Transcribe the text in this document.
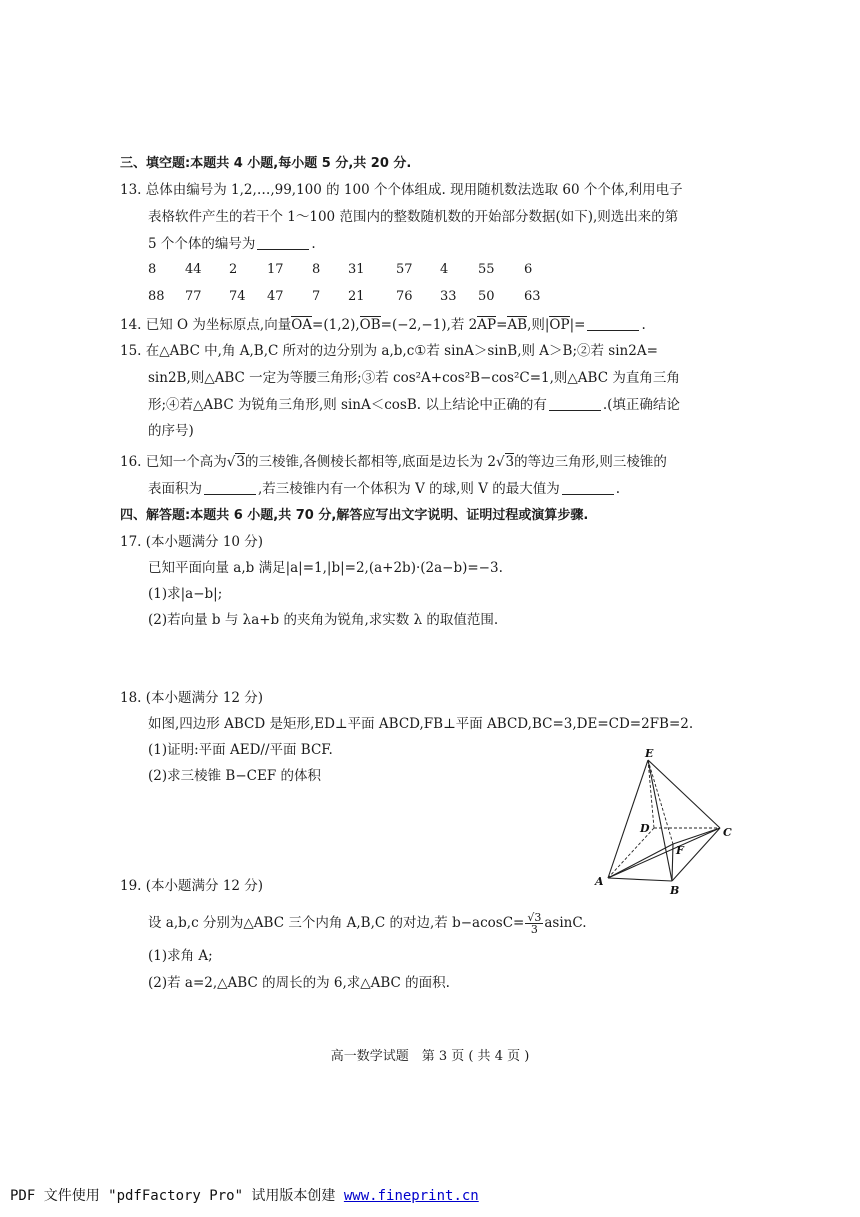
三、填空题:本题共 4 小题,每小题 5 分,共 20 分.
13. 总体由编号为 1,2,…,99,100 的 100 个个体组成. 现用随机数法选取 60 个个体,利用电子
表格软件产生的若干个 1～100 范围内的整数随机数的开始部分数据(如下),则选出来的第
5 个个体的编号为	.
8 44 2 17 8 31 57 4 55 6
88 77 74 47 7 21 76 33 50 63
14. 已知 O 为坐标原点,向量OA=(1,2),OB=(−2,−1),若 2AP=AB,则|OP|=	.
15. 在△ABC 中,角 A,B,C 所对的边分别为 a,b,c①若 sinA＞sinB,则 A＞B;②若 sin2A=
sin2B,则△ABC 一定为等腰三角形;③若 cos²A+cos²B−cos²C=1,则△ABC 为直角三角
形;④若△ABC 为锐角三角形,则 sinA＜cosB. 以上结论中正确的有	.(填正确结论
的序号)
16. 已知一个高为√3的三棱锥,各侧棱长都相等,底面是边长为 2√3的等边三角形,则三棱锥的
表面积为	,若三棱锥内有一个体积为 V 的球,则 V 的最大值为	.
四、解答题:本题共 6 小题,共 70 分,解答应写出文字说明、证明过程或演算步骤.
17. (本小题满分 10 分)
已知平面向量 a,b 满足|a|=1,|b|=2,(a+2b)·(2a−b)=−3.
(1)求|a−b|;
(2)若向量 b 与 λa+b 的夹角为锐角,求实数 λ 的取值范围.
18. (本小题满分 12 分)
如图,四边形 ABCD 是矩形,ED⊥平面 ABCD,FB⊥平面 ABCD,BC=3,DE=CD=2FB=2.
(1)证明:平面 AED//平面 BCF.
(2)求三棱锥 B−CEF 的体积
E
D	C
F
A
B
19. (本小题满分 12 分)
设 a,b,c 分别为△ABC 三个内角 A,B,C 的对边,若 $b-acosC= \frac{√3}{3} asinC$.
(1)求角 A;
(2)若 a=2,△ABC 的周长的为 6,求△ABC 的面积.
高一数学试题　第 3 页 ( 共 4 页 )
PDF 文件使用 "pdfFactory Pro" 试用版本创建 www.fineprint.cn
